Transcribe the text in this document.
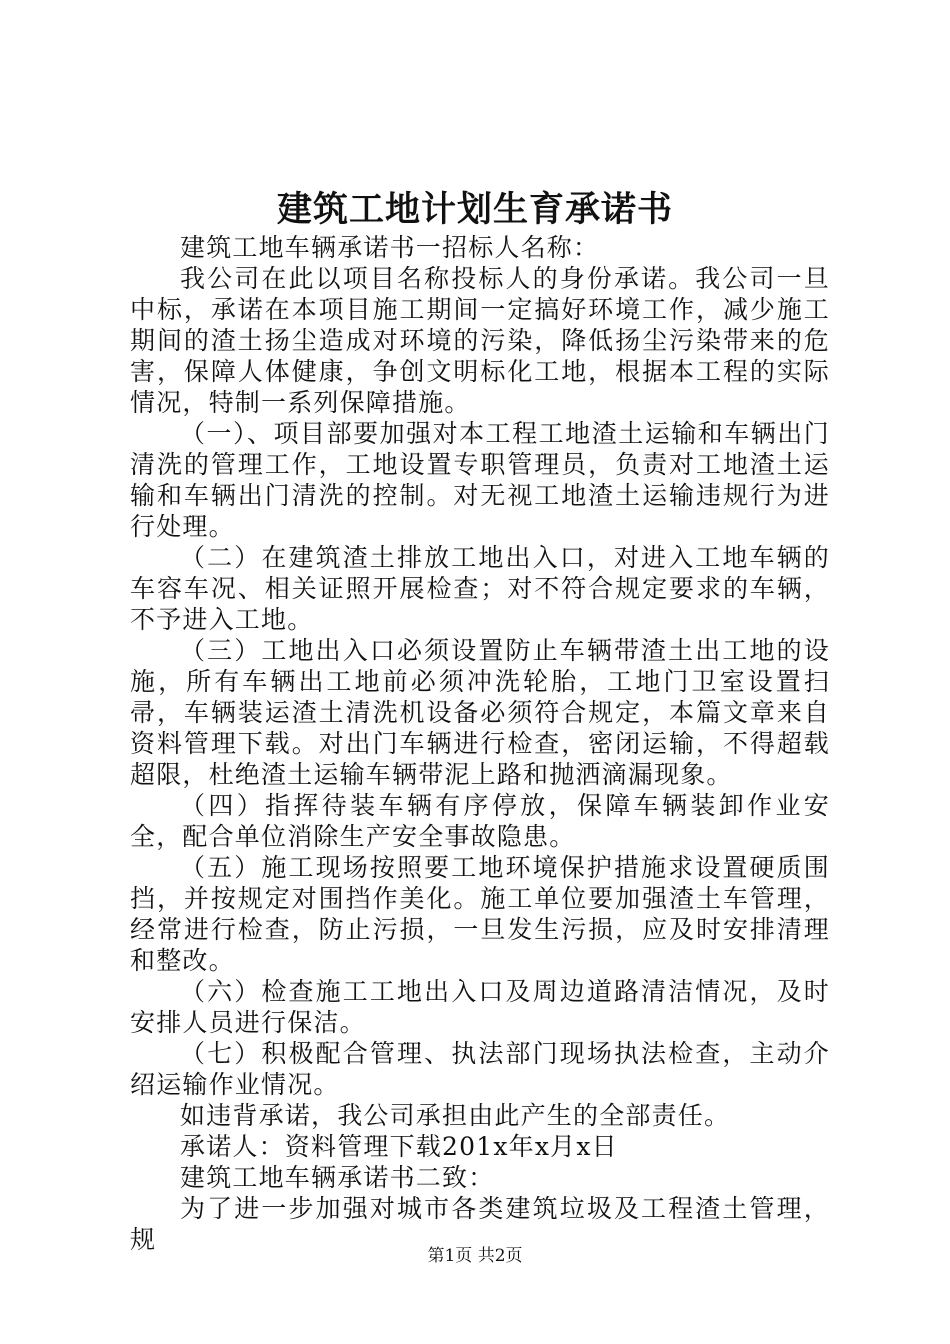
建筑工地计划生育承诺书

建筑工地车辆承诺书一招标人名称：

我公司在此以项目名称投标人的身份承诺。我公司一旦中标，承诺在本项目施工期间一定搞好环境工作，减少施工期间的渣土扬尘造成对环境的污染，降低扬尘污染带来的危害，保障人体健康，争创文明标化工地，根据本工程的实际情况，特制一系列保障措施。

（一）、项目部要加强对本工程工地渣土运输和车辆出门清洗的管理工作，工地设置专职管理员，负责对工地渣土运输和车辆出门清洗的控制。对无视工地渣土运输违规行为进行处理。

（二）在建筑渣土排放工地出入口，对进入工地车辆的车容车况、相关证照开展检查；对不符合规定要求的车辆，不予进入工地。

（三）工地出入口必须设置防止车辆带渣土出工地的设施，所有车辆出工地前必须冲洗轮胎，工地门卫室设置扫帚，车辆装运渣土清洗机设备必须符合规定，本篇文章来自资料管理下载。对出门车辆进行检查，密闭运输，不得超载超限，杜绝渣土运输车辆带泥上路和抛洒滴漏现象。

（四）指挥待装车辆有序停放，保障车辆装卸作业安全，配合单位消除生产安全事故隐患。

（五）施工现场按照要工地环境保护措施求设置硬质围挡，并按规定对围挡作美化。施工单位要加强渣土车管理，经常进行检查，防止污损，一旦发生污损，应及时安排清理和整改。

（六）检查施工工地出入口及周边道路清洁情况，及时安排人员进行保洁。

（七）积极配合管理、执法部门现场执法检查，主动介绍运输作业情况。

如违背承诺，我公司承担由此产生的全部责任。

承诺人：资料管理下载201x年x月x日

建筑工地车辆承诺书二致：

为了进一步加强对城市各类建筑垃圾及工程渣土管理，规

第1页 共2页
